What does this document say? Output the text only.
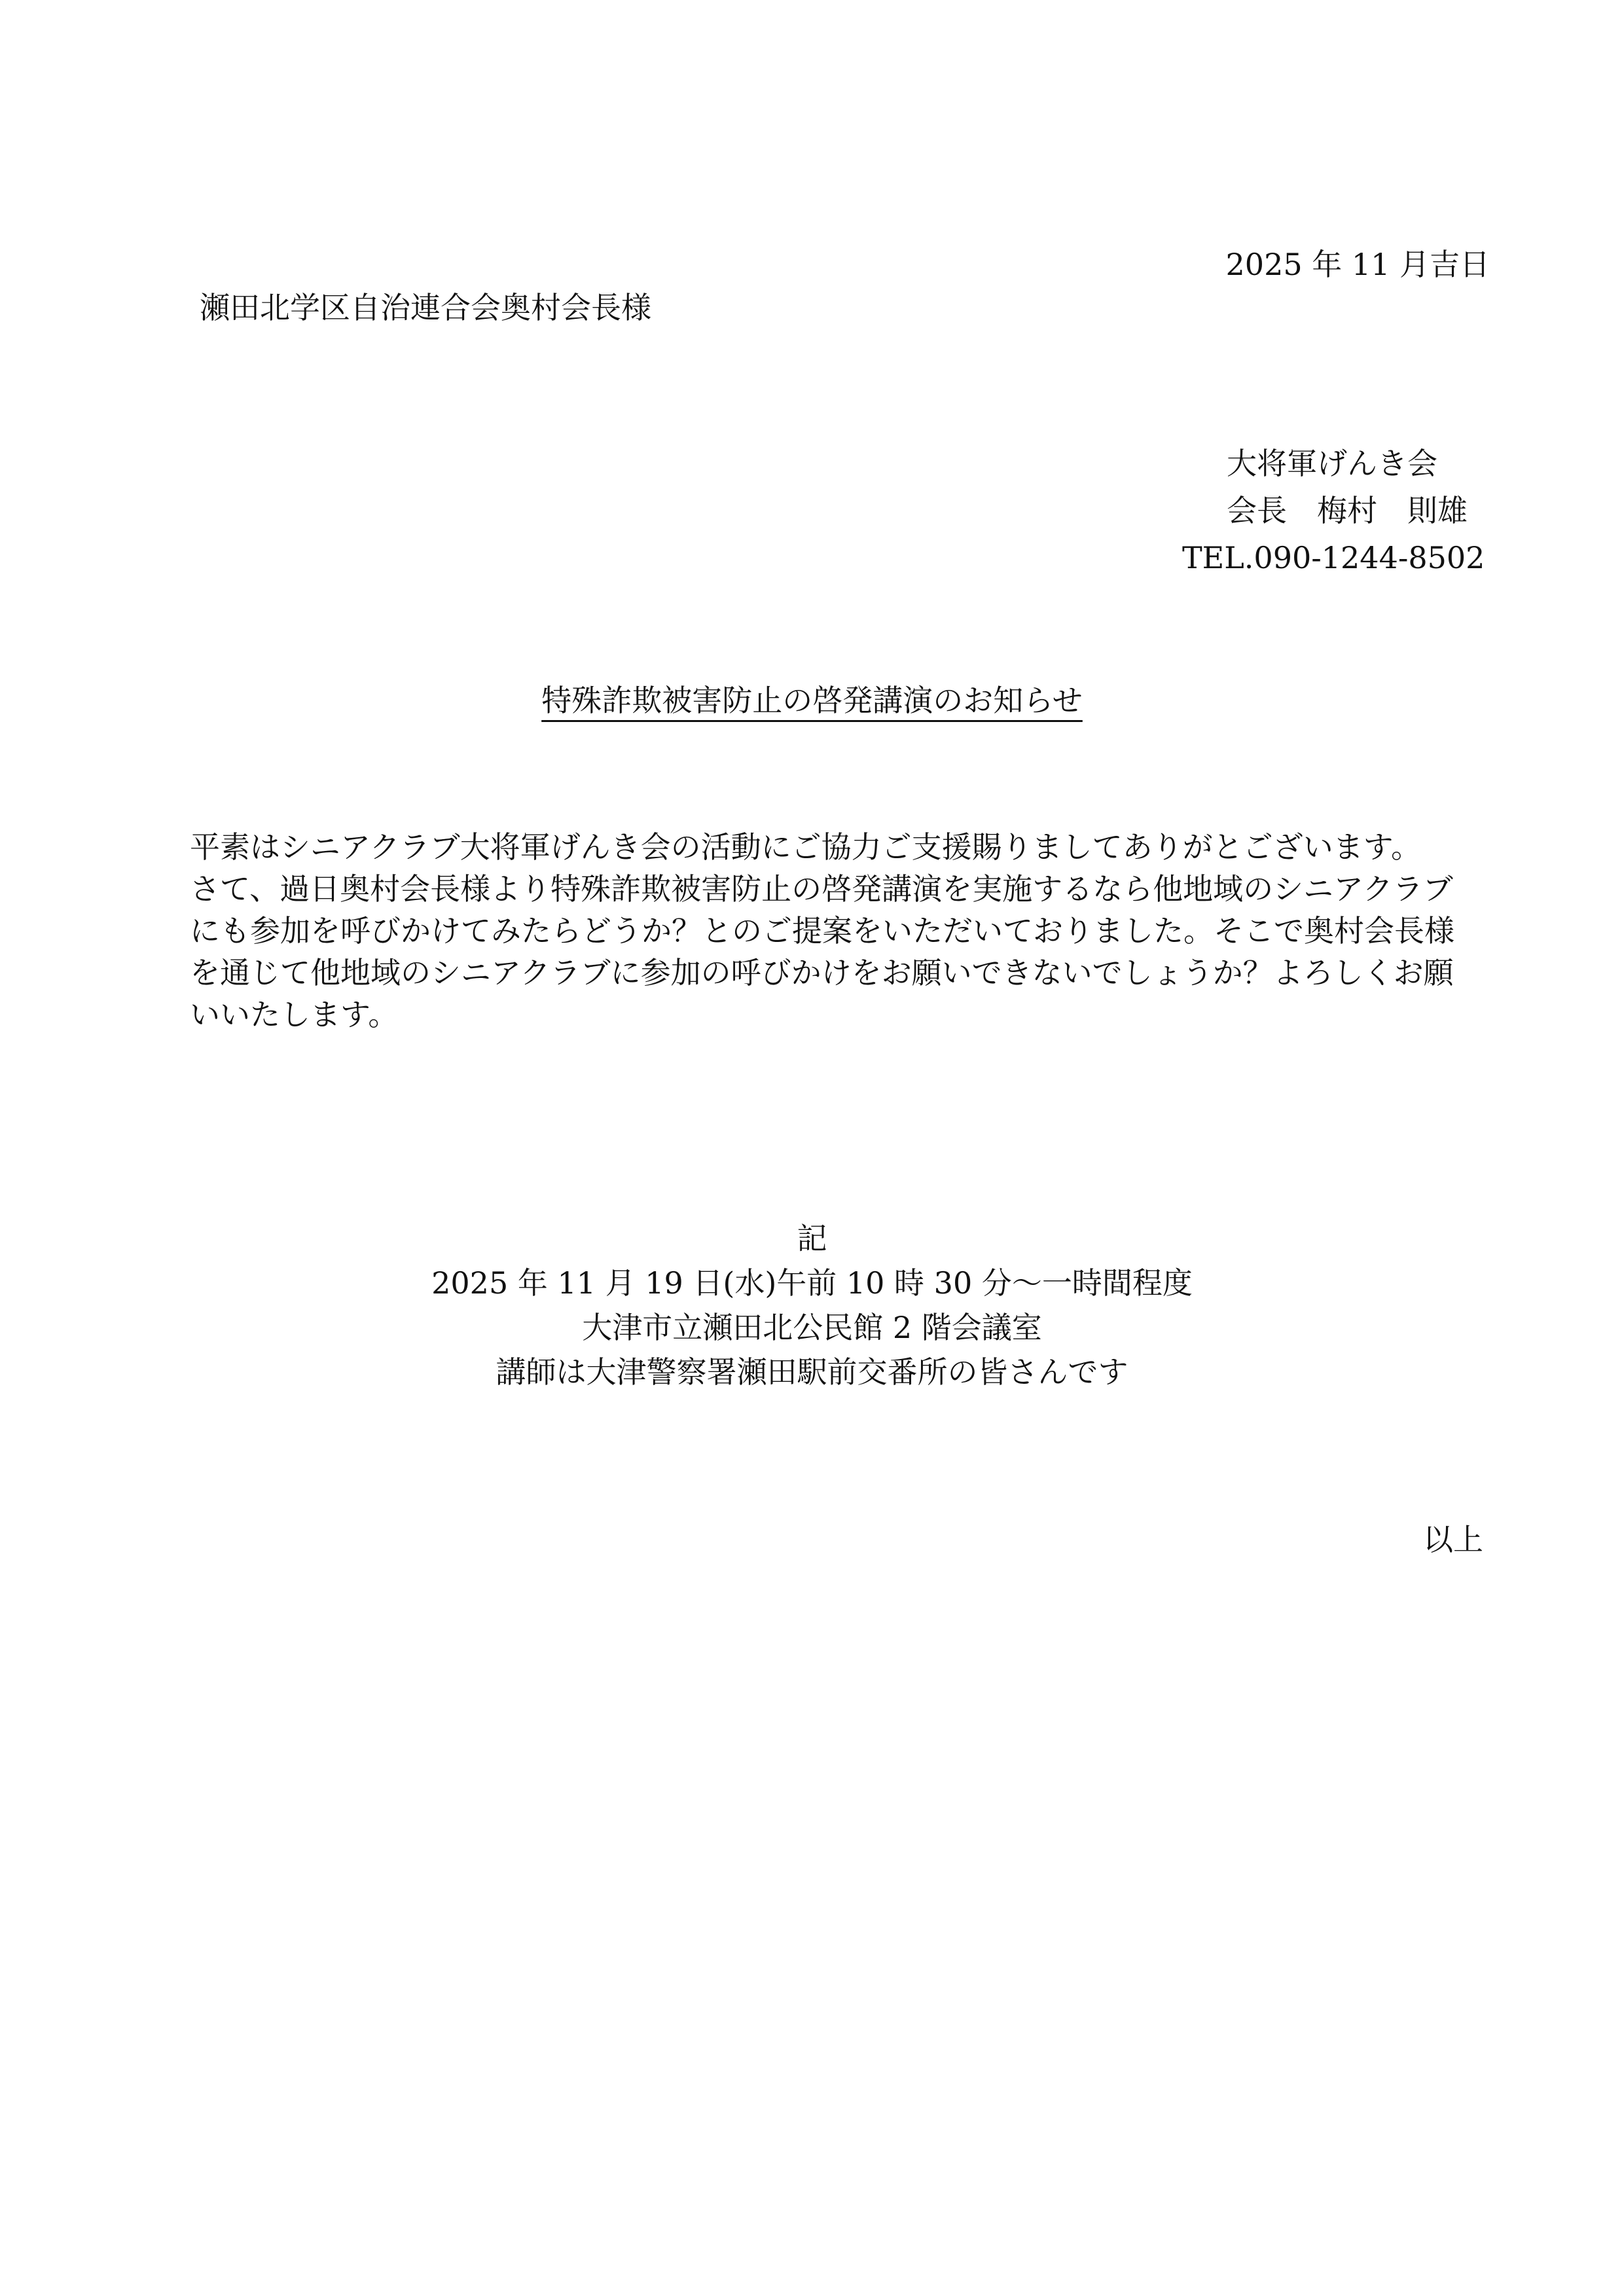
2025 年 11 月吉日
瀬田北学区自治連合会奥村会長様
大将軍げんき会
会長　梅村　則雄
TEL.090-1244-8502
特殊詐欺被害防止の啓発講演のお知らせ

平素はシニアクラブ大将軍げんき会の活動にご協力ご支援賜りましてありがとございます。

さて、過日奥村会長様より特殊詐欺被害防止の啓発講演を実施するなら他地域のシニアクラブにも参加を呼びかけてみたらどうか？とのご提案をいただいておりました。そこで奥村会長様を通じて他地域のシニアクラブに参加の呼びかけをお願いできないでしょうか？よろしくお願いいたします。

記
2025 年 11 月 19 日(水)午前 10 時 30 分～一時間程度
大津市立瀬田北公民館 2 階会議室
講師は大津警察署瀬田駅前交番所の皆さんです
以上
